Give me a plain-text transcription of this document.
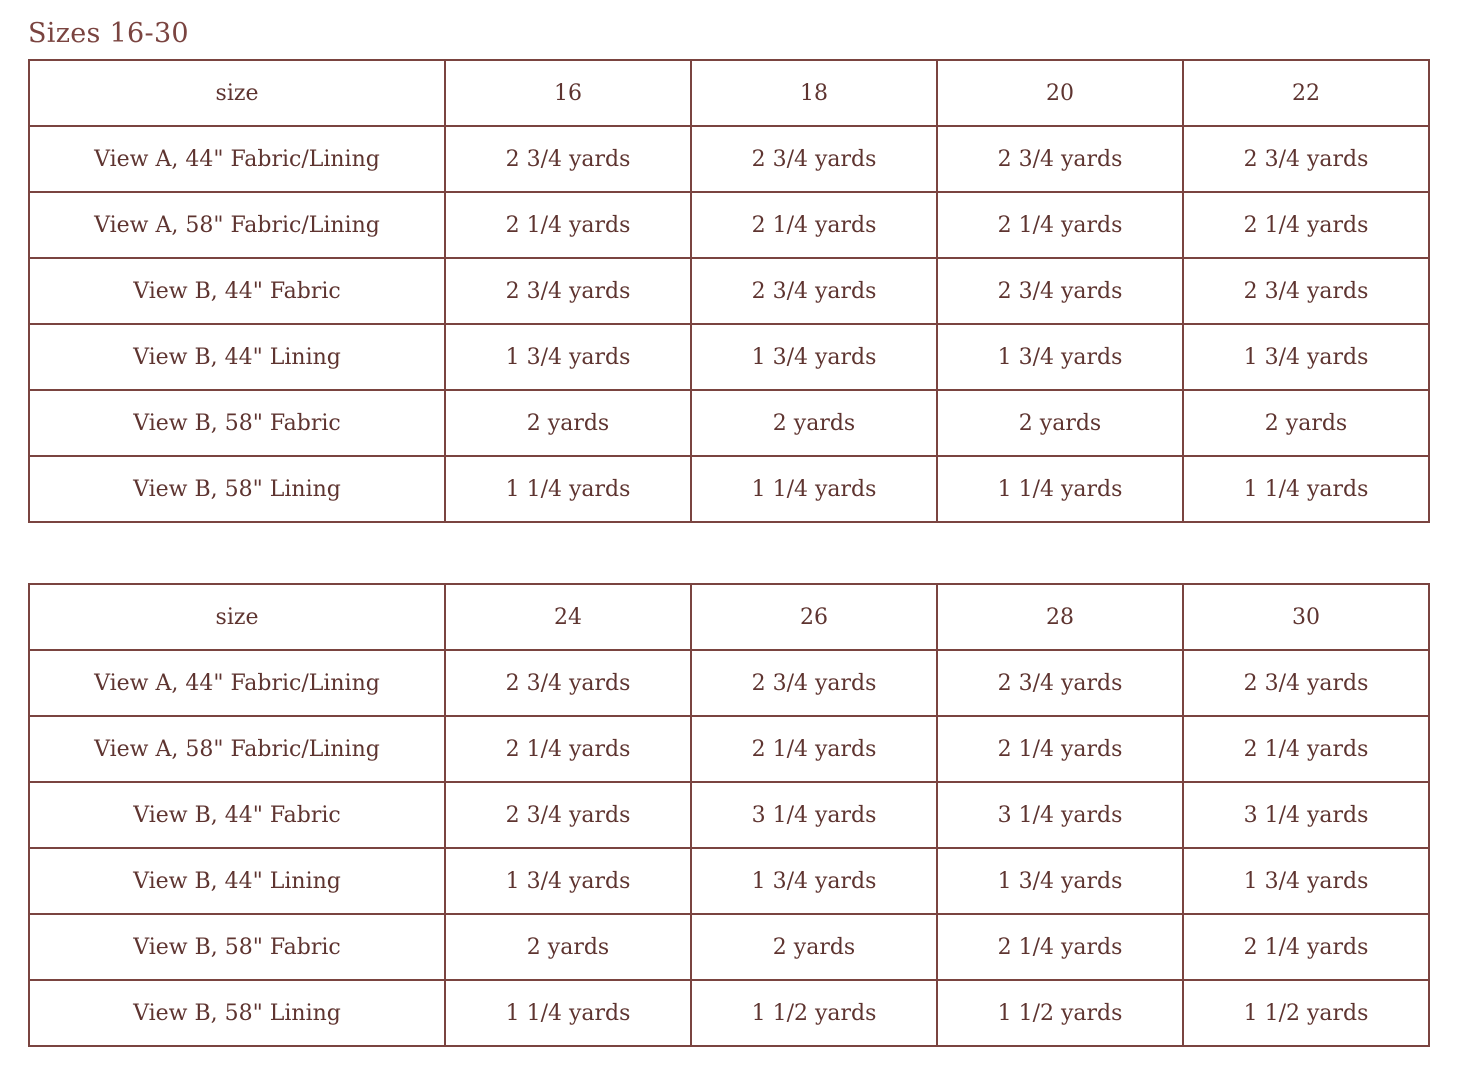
Sizes 16-30
size	16	18	20	22
View A, 44" Fabric/Lining	2 3/4 yards	2 3/4 yards	2 3/4 yards	2 3/4 yards
View A, 58" Fabric/Lining	2 1/4 yards	2 1/4 yards	2 1/4 yards	2 1/4 yards
View B, 44" Fabric	2 3/4 yards	2 3/4 yards	2 3/4 yards	2 3/4 yards
View B, 44" Lining	1 3/4 yards	1 3/4 yards	1 3/4 yards	1 3/4 yards
View B, 58" Fabric	2 yards	2 yards	2 yards	2 yards
View B, 58" Lining	1 1/4 yards	1 1/4 yards	1 1/4 yards	1 1/4 yards
size	24	26	28	30
View A, 44" Fabric/Lining	2 3/4 yards	2 3/4 yards	2 3/4 yards	2 3/4 yards
View A, 58" Fabric/Lining	2 1/4 yards	2 1/4 yards	2 1/4 yards	2 1/4 yards
View B, 44" Fabric	2 3/4 yards	3 1/4 yards	3 1/4 yards	3 1/4 yards
View B, 44" Lining	1 3/4 yards	1 3/4 yards	1 3/4 yards	1 3/4 yards
View B, 58" Fabric	2 yards	2 yards	2 1/4 yards	2 1/4 yards
View B, 58" Lining	1 1/4 yards	1 1/2 yards	1 1/2 yards	1 1/2 yards
